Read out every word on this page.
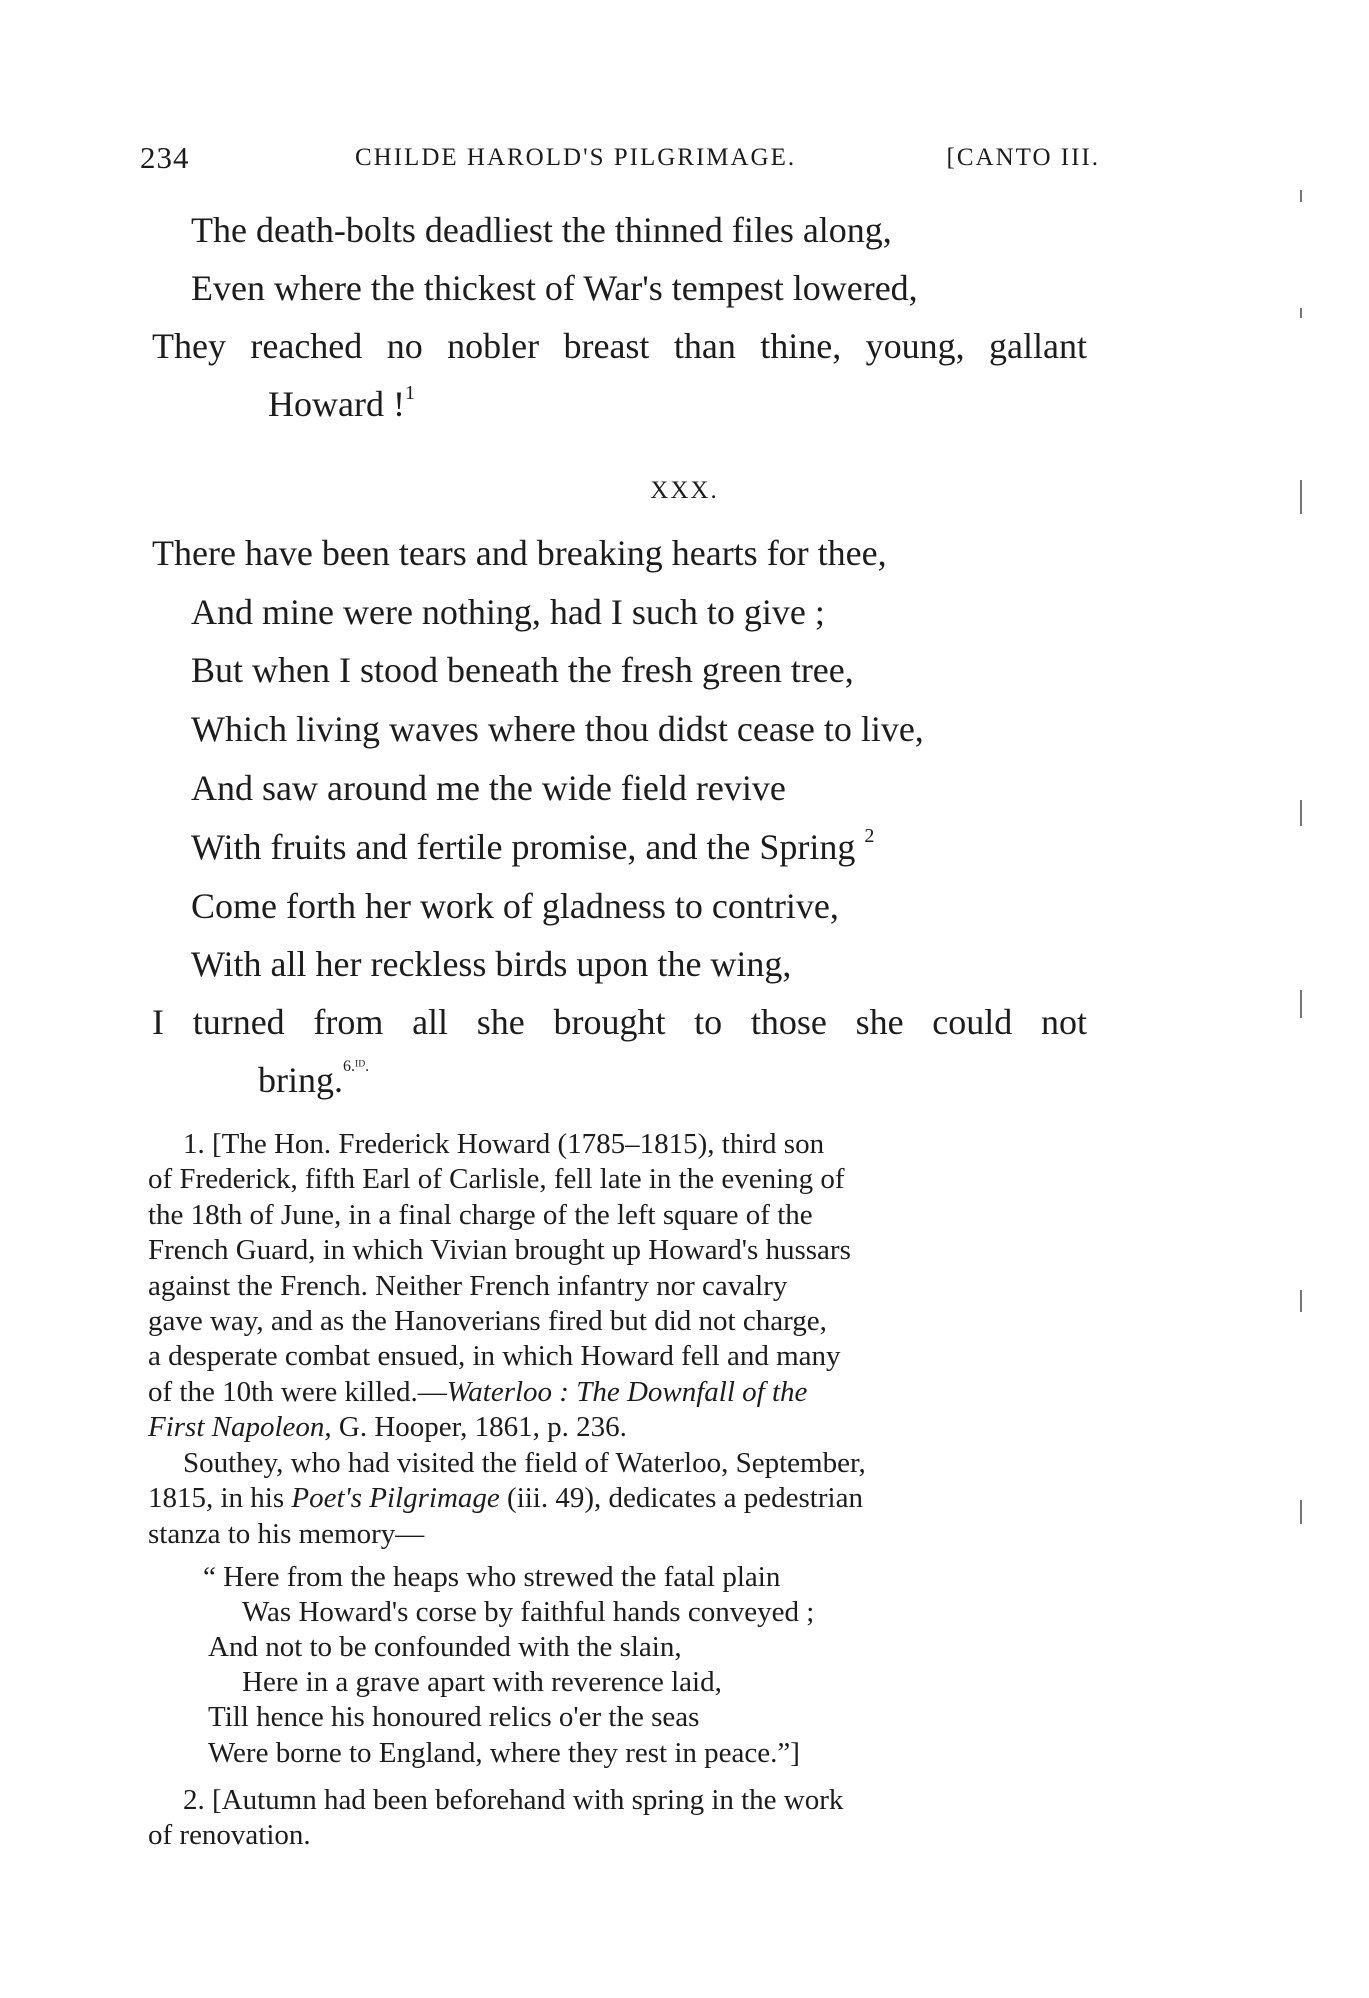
234	CHILDE HAROLD'S PILGRIMAGE.	[CANTO III.
The death-bolts deadliest the thinned files along,
Even where the thickest of War's tempest lowered,
They reached no nobler breast than thine, young, gallant
Howard !$^1$
XXX.
There have been tears and breaking hearts for thee,
And mine were nothing, had I such to give ;
But when I stood beneath the fresh green tree,
Which living waves where thou didst cease to live,
And saw around me the wide field revive
With fruits and fertile promise, and the Spring $^2$
Come forth her work of gladness to contrive,
With all her reckless birds upon the wing,
I turned from all she brought to those she could not
bring.$^{6.ᴵᴰ.}$
1. [The Hon. Frederick Howard (1785–1815), third son
of Frederick, fifth Earl of Carlisle, fell late in the evening of
the 18th of June, in a final charge of the left square of the
French Guard, in which Vivian brought up Howard's hussars
against the French. Neither French infantry nor cavalry
gave way, and as the Hanoverians fired but did not charge,
a desperate combat ensued, in which Howard fell and many
of the 10th were killed.—Waterloo : The Downfall of the
First Napoleon, G. Hooper, 1861, p. 236.
Southey, who had visited the field of Waterloo, September,
1815, in his Poet's Pilgrimage (iii. 49), dedicates a pedestrian
stanza to his memory—
“ Here from the heaps who strewed the fatal plain
Was Howard's corse by faithful hands conveyed ;
And not to be confounded with the slain,
Here in a grave apart with reverence laid,
Till hence his honoured relics o'er the seas
Were borne to England, where they rest in peace.”]
2. [Autumn had been beforehand with spring in the work
of renovation.
